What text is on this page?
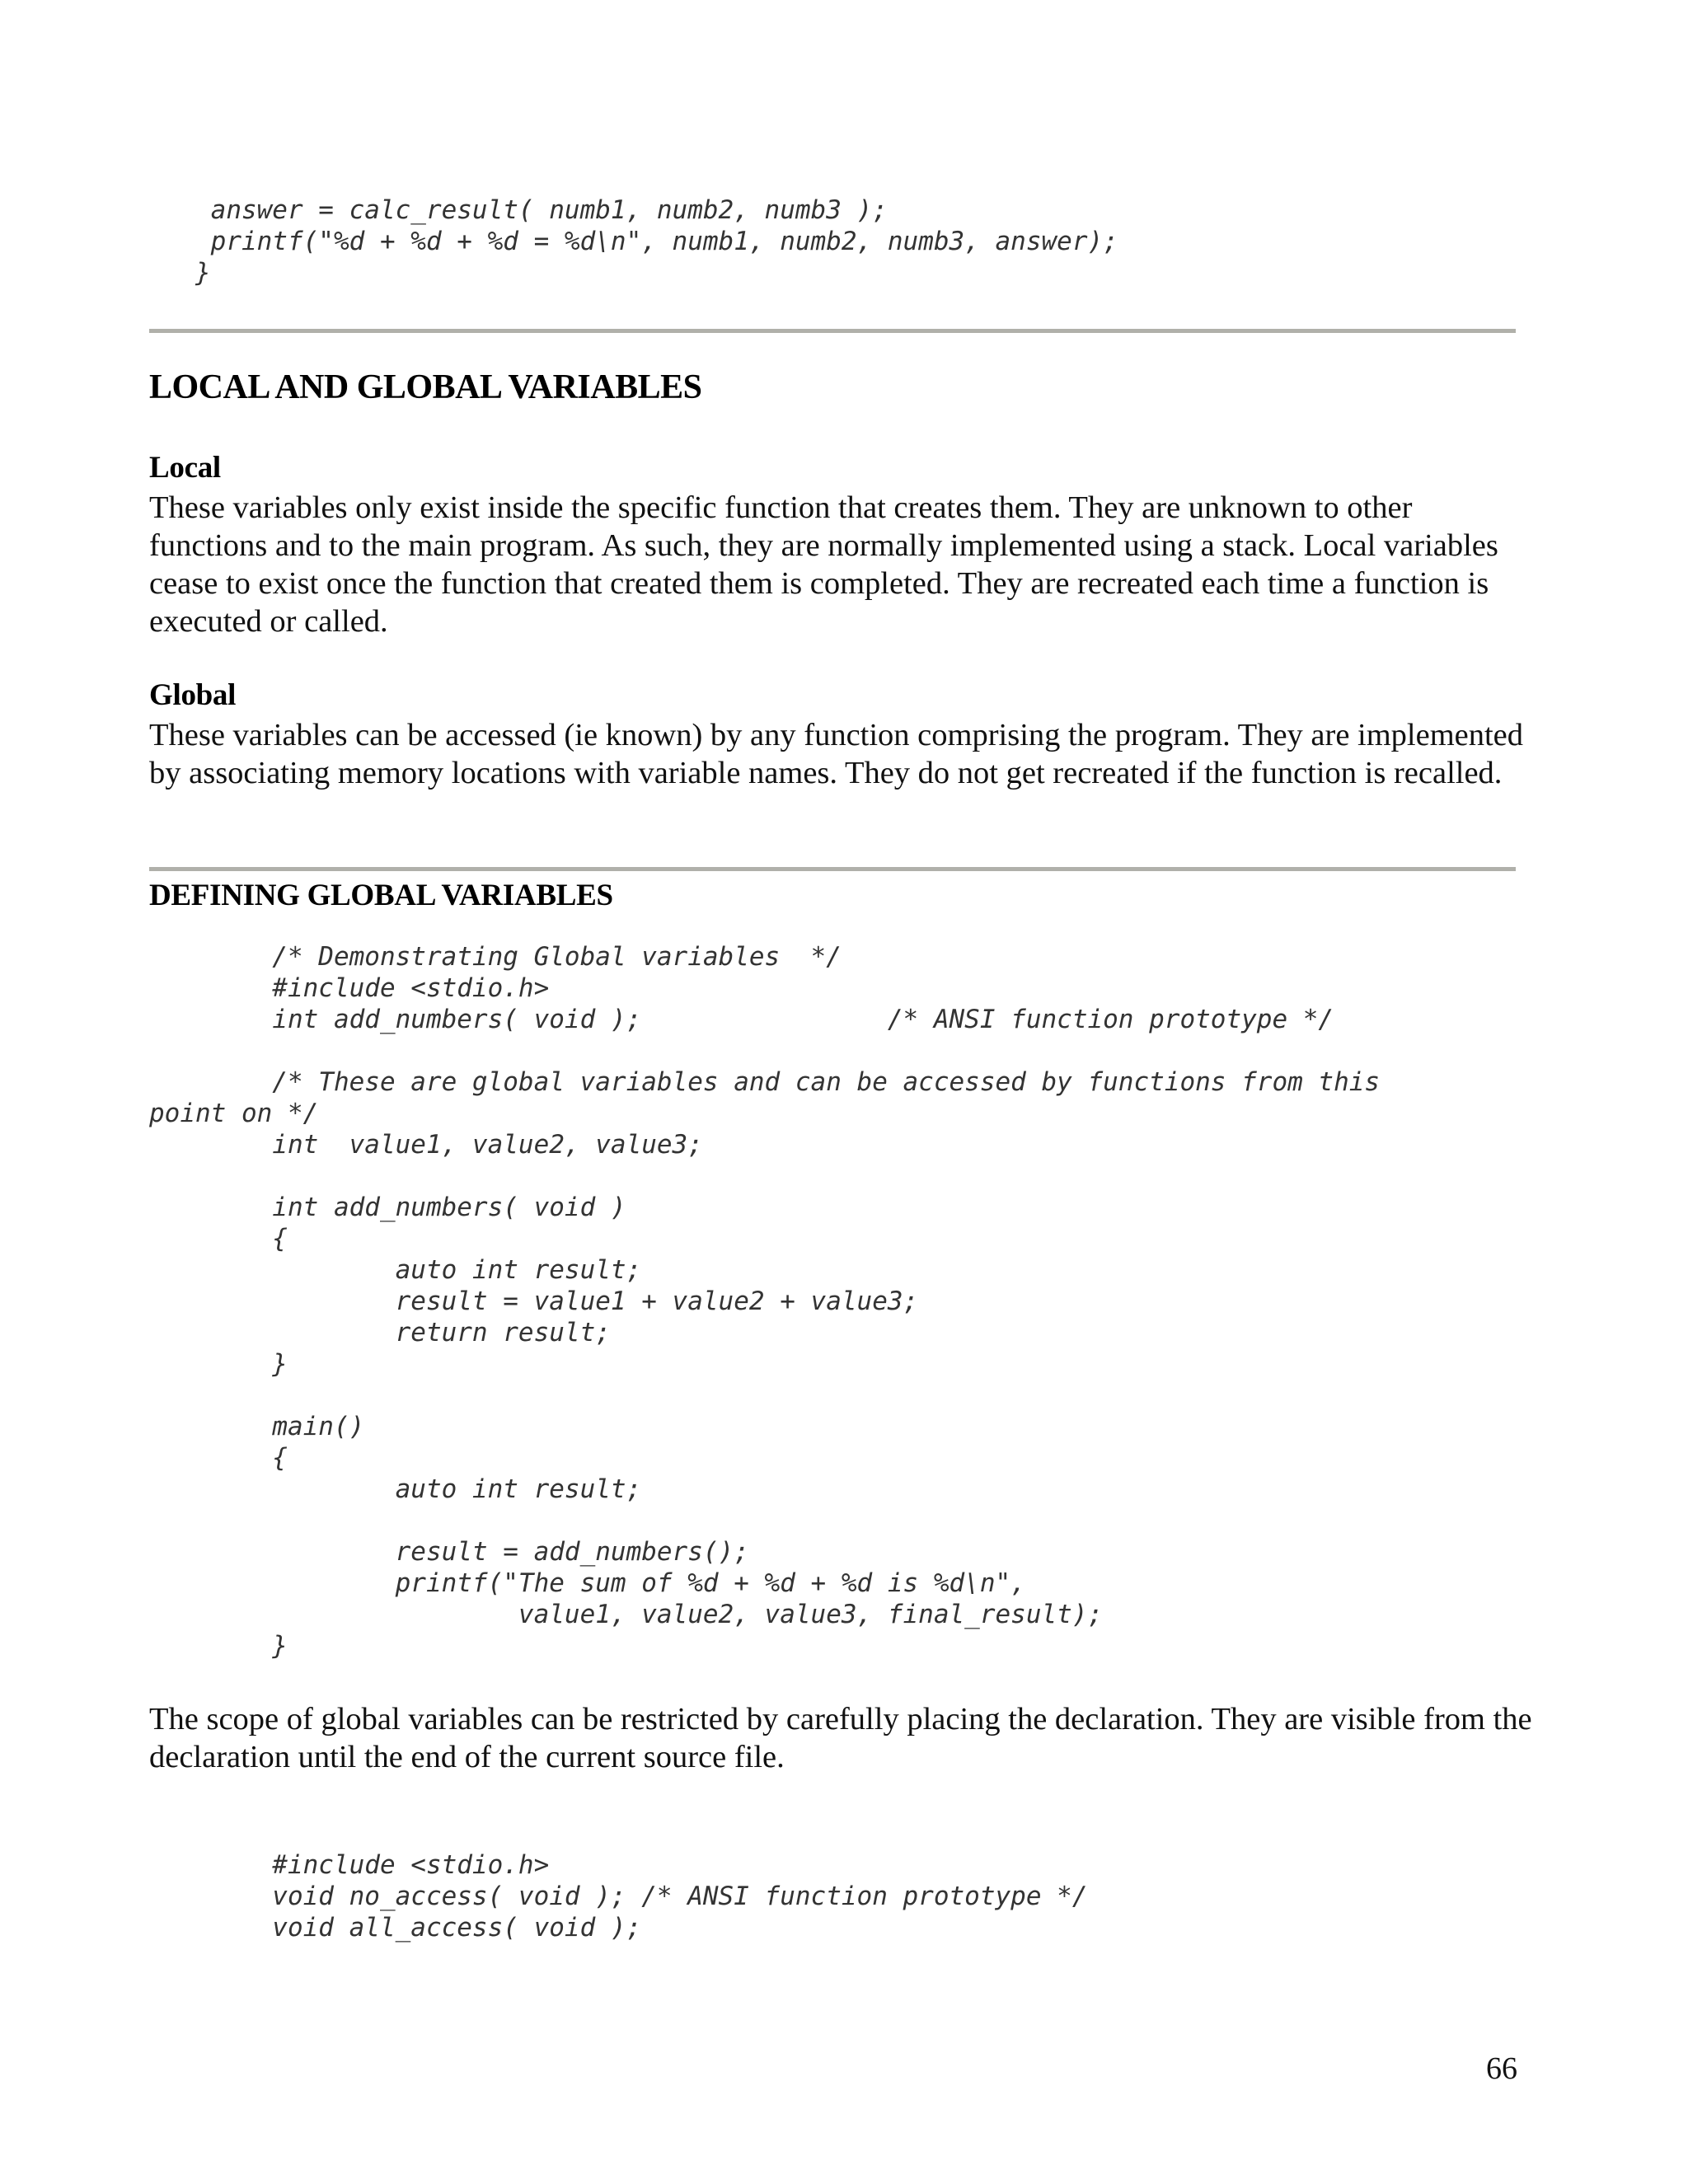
answer = calc_result( numb1, numb2, numb3 );
printf("%d + %d + %d = %d\n", numb1, numb2, numb3, answer);
}
LOCAL AND GLOBAL VARIABLES
Local

These variables only exist inside the specific function that creates them. They are unknown to other functions and to the main program. As such, they are normally implemented using a stack. Local variables cease to exist once the function that created them is completed. They are recreated each time a function is executed or called.

Global

These variables can be accessed (ie known) by any function comprising the program. They are implemented by associating memory locations with variable names. They do not get recreated if the function is recalled.

DEFINING GLOBAL VARIABLES
/* Demonstrating Global variables  */
#include <stdio.h>
int add_numbers( void );                /* ANSI function prototype */

/* These are global variables and can be accessed by functions from this
point on */
int  value1, value2, value3;

int add_numbers( void )
{
auto int result;
result = value1 + value2 + value3;
return result;
}

main()
{
auto int result;

result = add_numbers();
printf("The sum of %d + %d + %d is %d\n",
value1, value2, value3, final_result);
}

The scope of global variables can be restricted by carefully placing the declaration. They are visible from the declaration until the end of the current source file.

#include <stdio.h>
void no_access( void ); /* ANSI function prototype */
void all_access( void );
66
